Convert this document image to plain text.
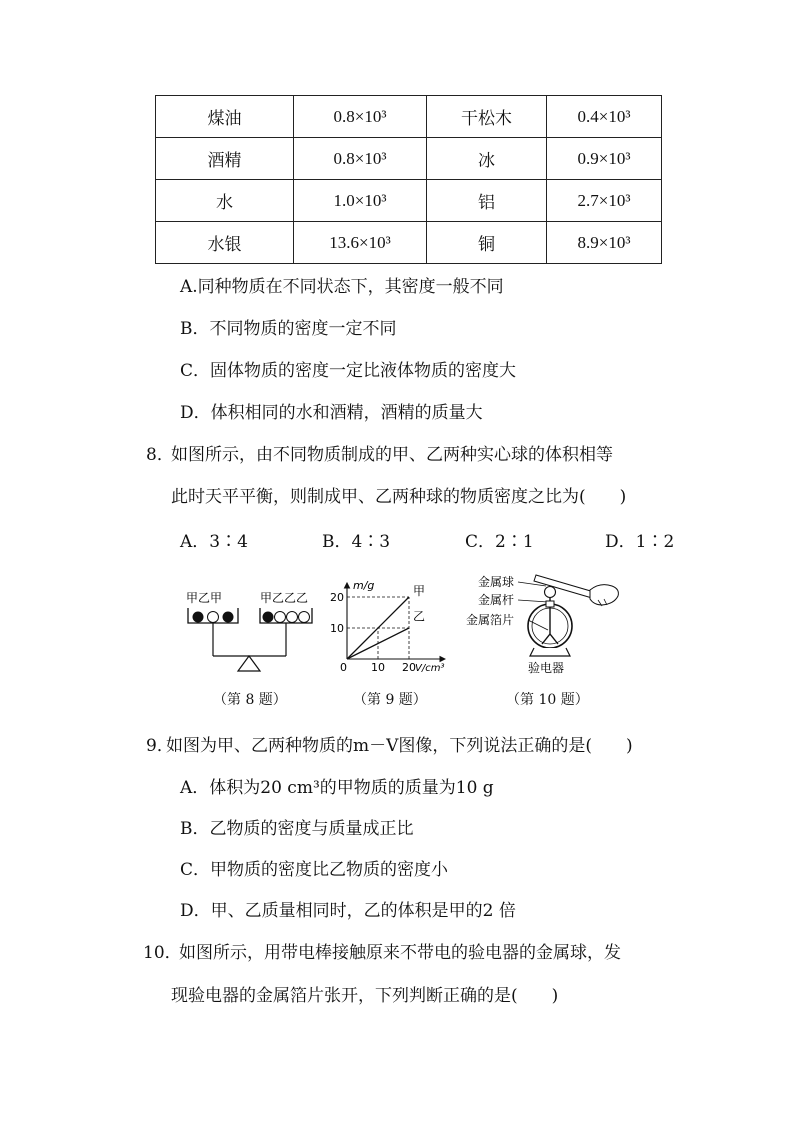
煤油	0.8×10³	干松木	0.4×10³
酒精	0.8×10³	冰	0.9×10³
水	1.0×10³	铝	2.7×10³
水银	13.6×10³	铜	8.9×10³
A.同种物质在不同状态下，其密度一般不同
B．不同物质的密度一定不同
C．固体物质的密度一定比液体物质的密度大
D．体积相同的水和酒精，酒精的质量大
8．
如图所示，由不同物质制成的甲、乙两种实心球的体积相等
此时天平平衡，则制成甲、乙两种球的物质密度之比为(　　)
A．3∶4	B．4∶3	C．2∶1	D．1∶2
甲乙甲	甲乙乙乙
m/g
V/cm³
0
10
20
10 20
甲
乙
金属球
金属杆
金属箔片
验电器
（第 8 题）	（第 9 题）	（第 10 题）
9．
如图为甲、乙两种物质的m－V图像，下列说法正确的是(　　)
A．体积为20 cm³的甲物质的质量为10 g
B．乙物质的密度与质量成正比
C．甲物质的密度比乙物质的密度小
D．甲、乙质量相同时，乙的体积是甲的2 倍
10．
如图所示，用带电棒接触原来不带电的验电器的金属球，发
现验电器的金属箔片张开，下列判断正确的是(　　)
